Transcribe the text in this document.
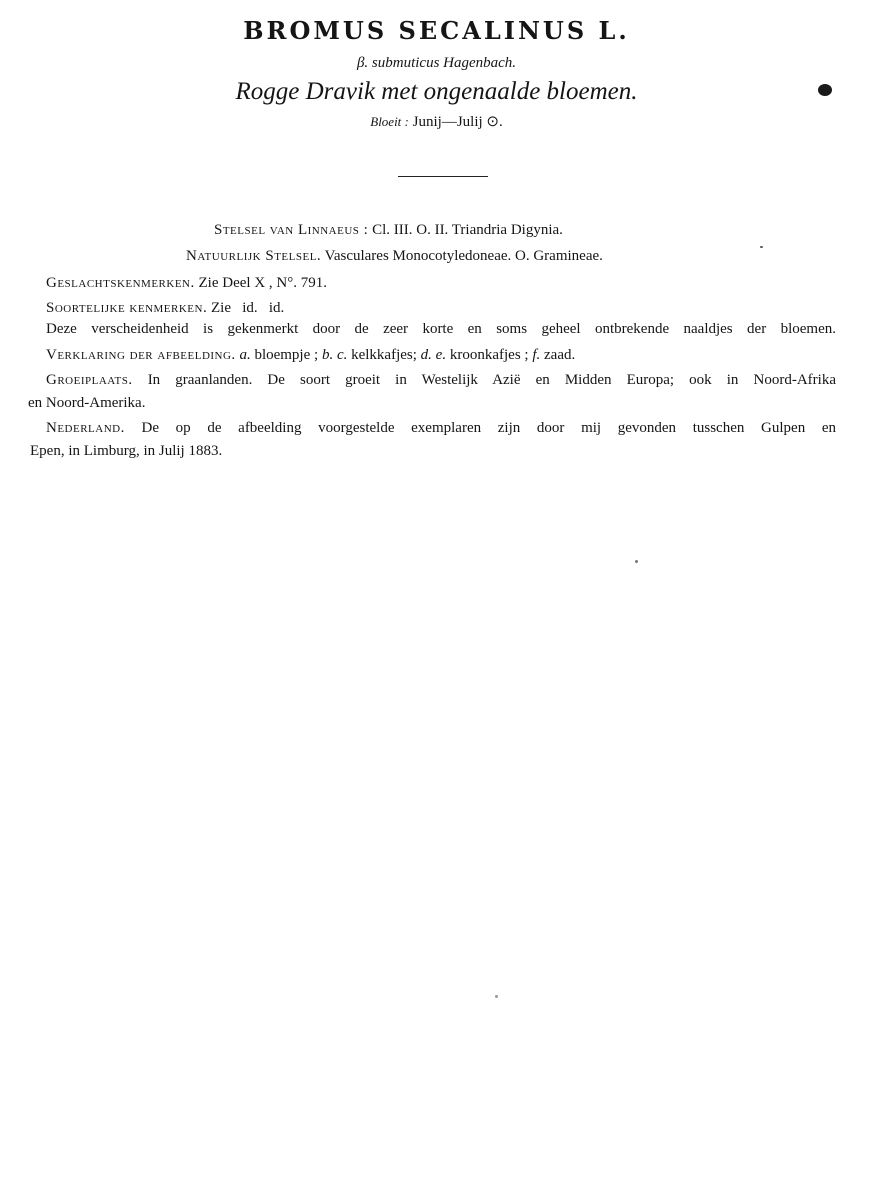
BROMUS SECALINUS L.
β. submuticus Hagenbach.
Rogge Dravik met ongenaalde bloemen.
Bloeit : Junij—Julij ⊙.
Stelsel van Linnaeus : Cl. III. O. II. Triandria Digynia.
Natuurlijk Stelsel. Vasculares Monocotyledoneae. O. Gramineae.
Geslachtskenmerken. Zie Deel X , N°. 791.
Soortelijke kenmerken. Zie   id.   id.
Deze verscheidenheid is gekenmerkt door de zeer korte en soms geheel ontbrekende naaldjes der bloemen.
Verklaring der afbeelding. a. bloempje ; b. c. kelkkafjes; d. e. kroonkafjes ; f. zaad.
Groeiplaats. In graanlanden. De soort groeit in Westelijk Azië en Midden Europa; ook in Noord-Afrika
en Noord-Amerika.
Nederland. De op de afbeelding voorgestelde exemplaren zijn door mij gevonden tusschen Gulpen en
Epen, in Limburg, in Julij 1883.
